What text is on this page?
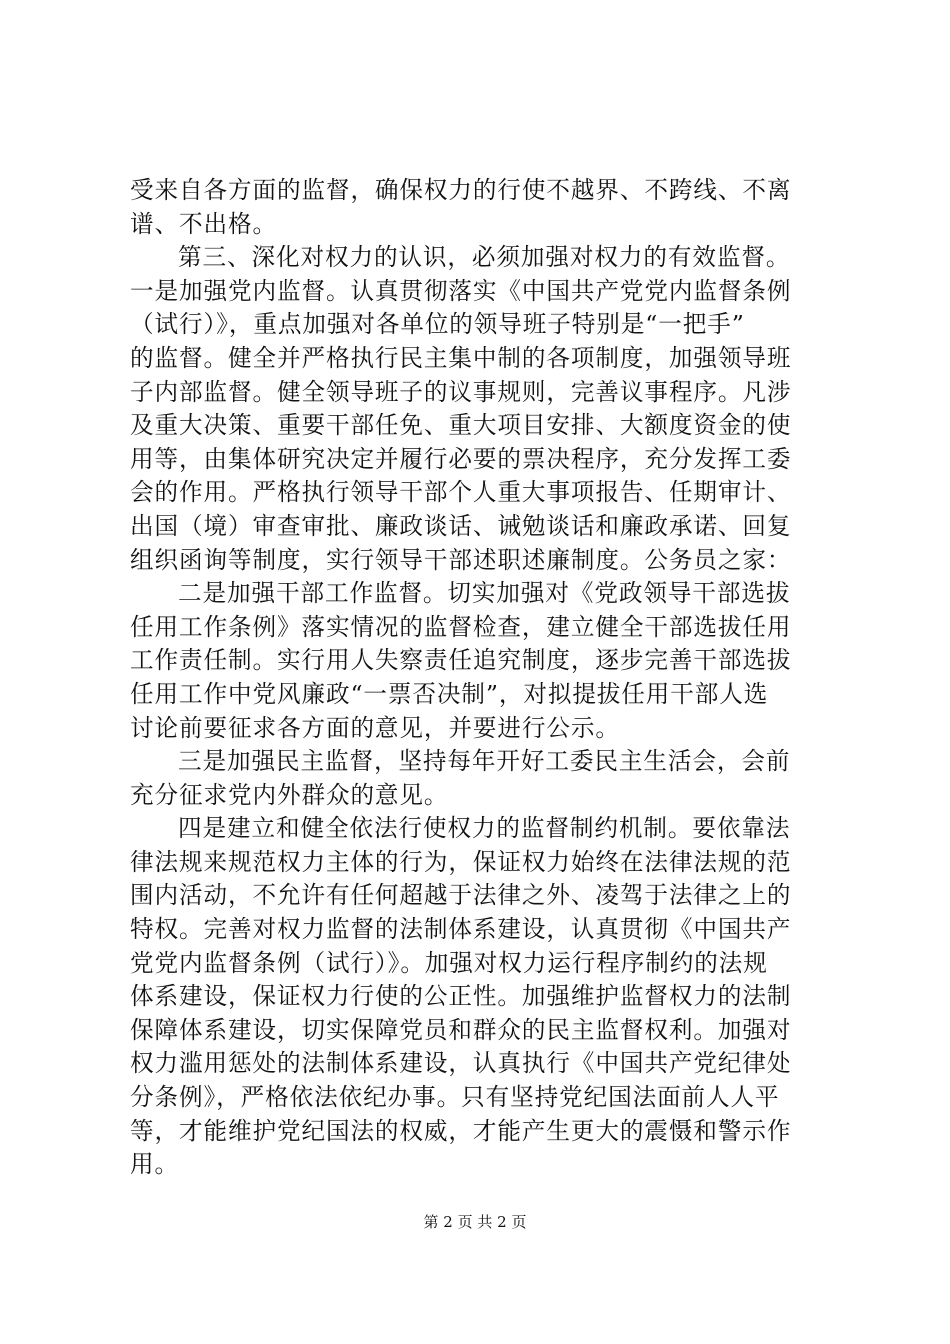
受来自各方面的监督，确保权力的行使不越界、不跨线、不离
谱、不出格。
第三、深化对权力的认识，必须加强对权力的有效监督。
一是加强党内监督。认真贯彻落实《中国共产党党内监督条例
（试行）》，重点加强对各单位的领导班子特别是“一把手”
的监督。健全并严格执行民主集中制的各项制度，加强领导班
子内部监督。健全领导班子的议事规则，完善议事程序。凡涉
及重大决策、重要干部任免、重大项目安排、大额度资金的使
用等，由集体研究决定并履行必要的票决程序，充分发挥工委
会的作用。严格执行领导干部个人重大事项报告、任期审计、
出国（境）审查审批、廉政谈话、诫勉谈话和廉政承诺、回复
组织函询等制度，实行领导干部述职述廉制度。公务员之家：
二是加强干部工作监督。切实加强对《党政领导干部选拔
任用工作条例》落实情况的监督检查，建立健全干部选拔任用
工作责任制。实行用人失察责任追究制度，逐步完善干部选拔
任用工作中党风廉政“一票否决制”，对拟提拔任用干部人选
讨论前要征求各方面的意见，并要进行公示。
三是加强民主监督，坚持每年开好工委民主生活会，会前
充分征求党内外群众的意见。
四是建立和健全依法行使权力的监督制约机制。要依靠法
律法规来规范权力主体的行为，保证权力始终在法律法规的范
围内活动，不允许有任何超越于法律之外、凌驾于法律之上的
特权。完善对权力监督的法制体系建设，认真贯彻《中国共产
党党内监督条例（试行）》。加强对权力运行程序制约的法规
体系建设，保证权力行使的公正性。加强维护监督权力的法制
保障体系建设，切实保障党员和群众的民主监督权利。加强对
权力滥用惩处的法制体系建设，认真执行《中国共产党纪律处
分条例》，严格依法依纪办事。只有坚持党纪国法面前人人平
等，才能维护党纪国法的权威，才能产生更大的震慑和警示作
用。
第 2 页 共 2 页
